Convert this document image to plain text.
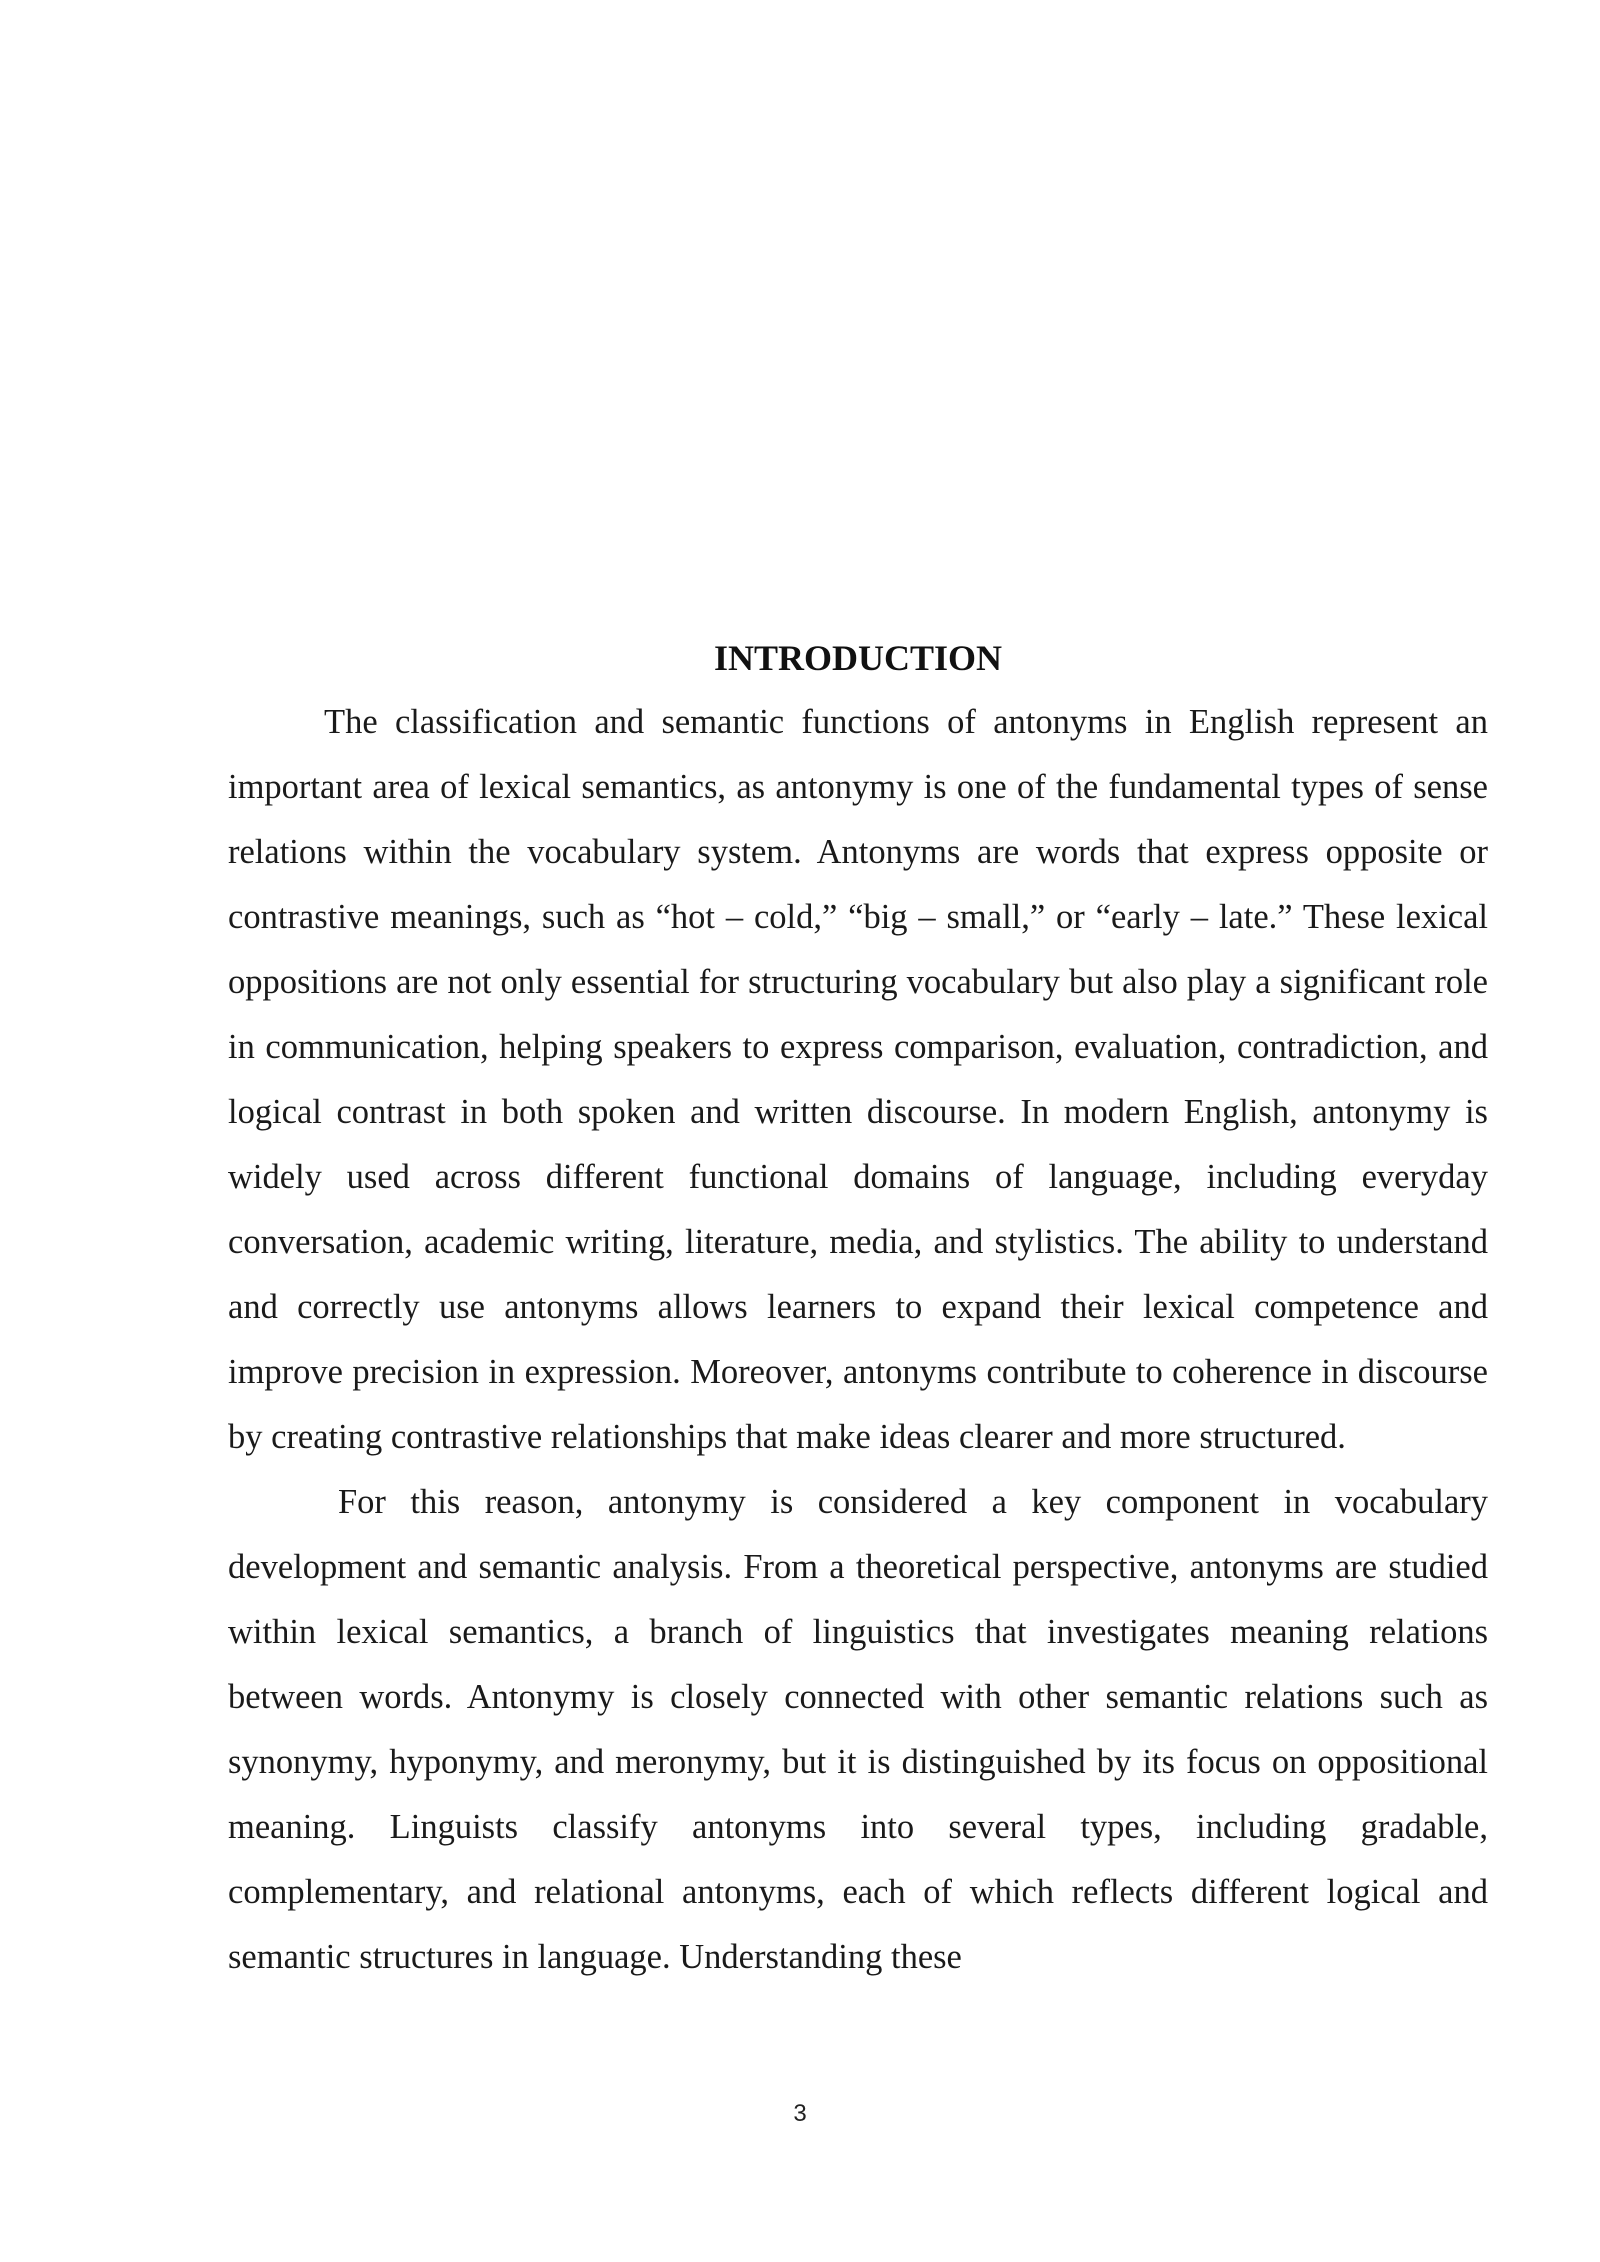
INTRODUCTION

The classification and semantic functions of antonyms in English represent an important area of lexical semantics, as antonymy is one of the fundamental types of sense relations within the vocabulary system. Antonyms are words that express opposite or contrastive meanings, such as “hot – cold,” “big – small,” or “early – late.” These lexical oppositions are not only essential for structuring vocabulary but also play a significant role in communication, helping speakers to express comparison, evaluation, contradiction, and logical contrast in both spoken and written discourse. In modern English, antonymy is widely used across different functional domains of language, including everyday conversation, academic writing, literature, media, and stylistics. The ability to understand and correctly use antonyms allows learners to expand their lexical competence and improve precision in expression. Moreover, antonyms contribute to coherence in discourse by creating contrastive relationships that make ideas clearer and more structured.

For this reason, antonymy is considered a key component in vocabulary development and semantic analysis. From a theoretical perspective, antonyms are studied within lexical semantics, a branch of linguistics that investigates meaning relations between words. Antonymy is closely connected with other semantic relations such as synonymy, hyponymy, and meronymy, but it is distinguished by its focus on oppositional meaning. Linguists classify antonyms into several types, including gradable, complementary, and relational antonyms, each of which reflects different logical and semantic structures in language. Understanding these

3
